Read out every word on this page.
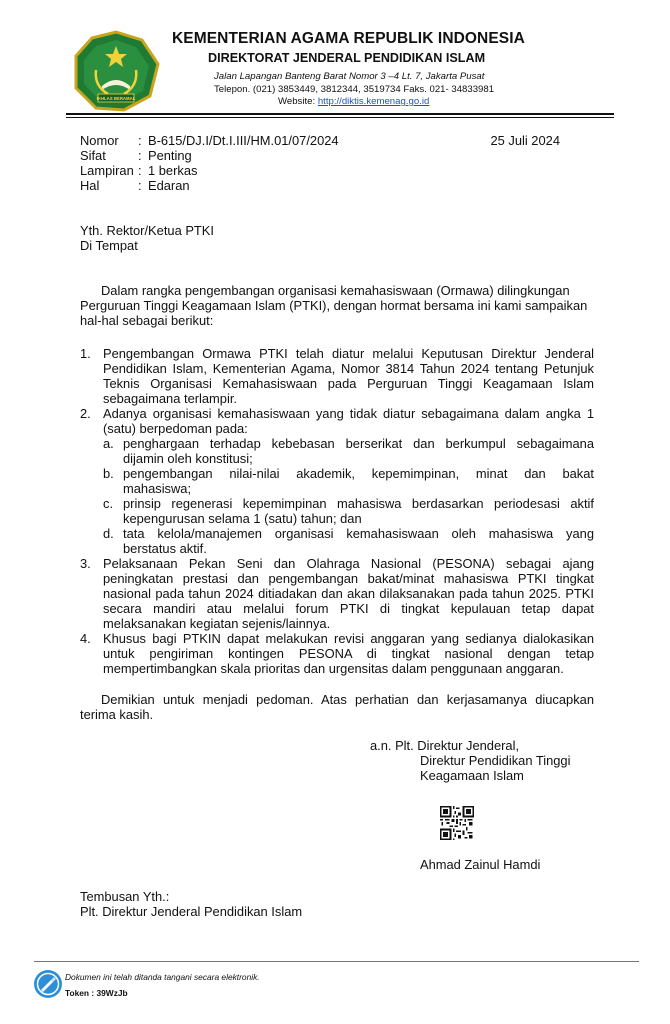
IKHLAS BERAMAL
KEMENTERIAN AGAMA REPUBLIK INDONESIA
DIREKTORAT JENDERAL PENDIDIKAN ISLAM
Jalan Lapangan Banteng Barat Nomor 3 –4 Lt. 7, Jakarta Pusat
Telepon. (021) 3853449, 3812344, 3519734 Faks. 021- 34833981
Website: http://diktis.kemenag.go.id
Nomor	: B-615/DJ.I/Dt.I.III/HM.01/07/2024	25 Juli 2024
Sifat	: Penting
Lampiran : 1 berkas
Hal	: Edaran
Yth. Rektor/Ketua PTKI
Di Tempat
Dalam rangka pengembangan organisasi kemahasiswaan (Ormawa) dilingkungan
Perguruan Tinggi Keagamaan Islam (PTKI), dengan hormat bersama ini kami sampaikan
hal-hal sebagai berikut:
1. Pengembangan Ormawa PTKI telah diatur melalui Keputusan Direktur Jenderal
Pendidikan Islam, Kementerian Agama, Nomor 3814 Tahun 2024 tentang Petunjuk
Teknis Organisasi Kemahasiswaan pada Perguruan Tinggi Keagamaan Islam
sebagaimana terlampir.
2. Adanya organisasi kemahasiswaan yang tidak diatur sebagaimana dalam angka 1
(satu) berpedoman pada:
a. penghargaan terhadap kebebasan berserikat dan berkumpul sebagaimana
dijamin oleh konstitusi;
b. pengembangan nilai-nilai akademik, kepemimpinan, minat dan bakat
mahasiswa;
c. prinsip regenerasi kepemimpinan mahasiswa berdasarkan periodesasi aktif
kepengurusan selama 1 (satu) tahun; dan
d. tata kelola/manajemen organisasi kemahasiswaan oleh mahasiswa yang
berstatus aktif.
3. Pelaksanaan Pekan Seni dan Olahraga Nasional (PESONA) sebagai ajang
peningkatan prestasi dan pengembangan bakat/minat mahasiswa PTKI tingkat
nasional pada tahun 2024 ditiadakan dan akan dilaksanakan pada tahun 2025. PTKI
secara mandiri atau melalui forum PTKI di tingkat kepulauan tetap dapat
melaksanakan kegiatan sejenis/lainnya.
4. Khusus bagi PTKIN dapat melakukan revisi anggaran yang sedianya dialokasikan
untuk pengiriman kontingen PESONA di tingkat nasional dengan tetap
mempertimbangkan skala prioritas dan urgensitas dalam penggunaan anggaran.
Demikian untuk menjadi pedoman. Atas perhatian dan kerjasamanya diucapkan
terima kasih.
a.n. Plt. Direktur Jenderal,
Direktur Pendidikan Tinggi
Keagamaan Islam
Ahmad Zainul Hamdi
Tembusan Yth.:
Plt. Direktur Jenderal Pendidikan Islam
Dokumen ini telah ditanda tangani secara elektronik.
Token : 39WzJb
